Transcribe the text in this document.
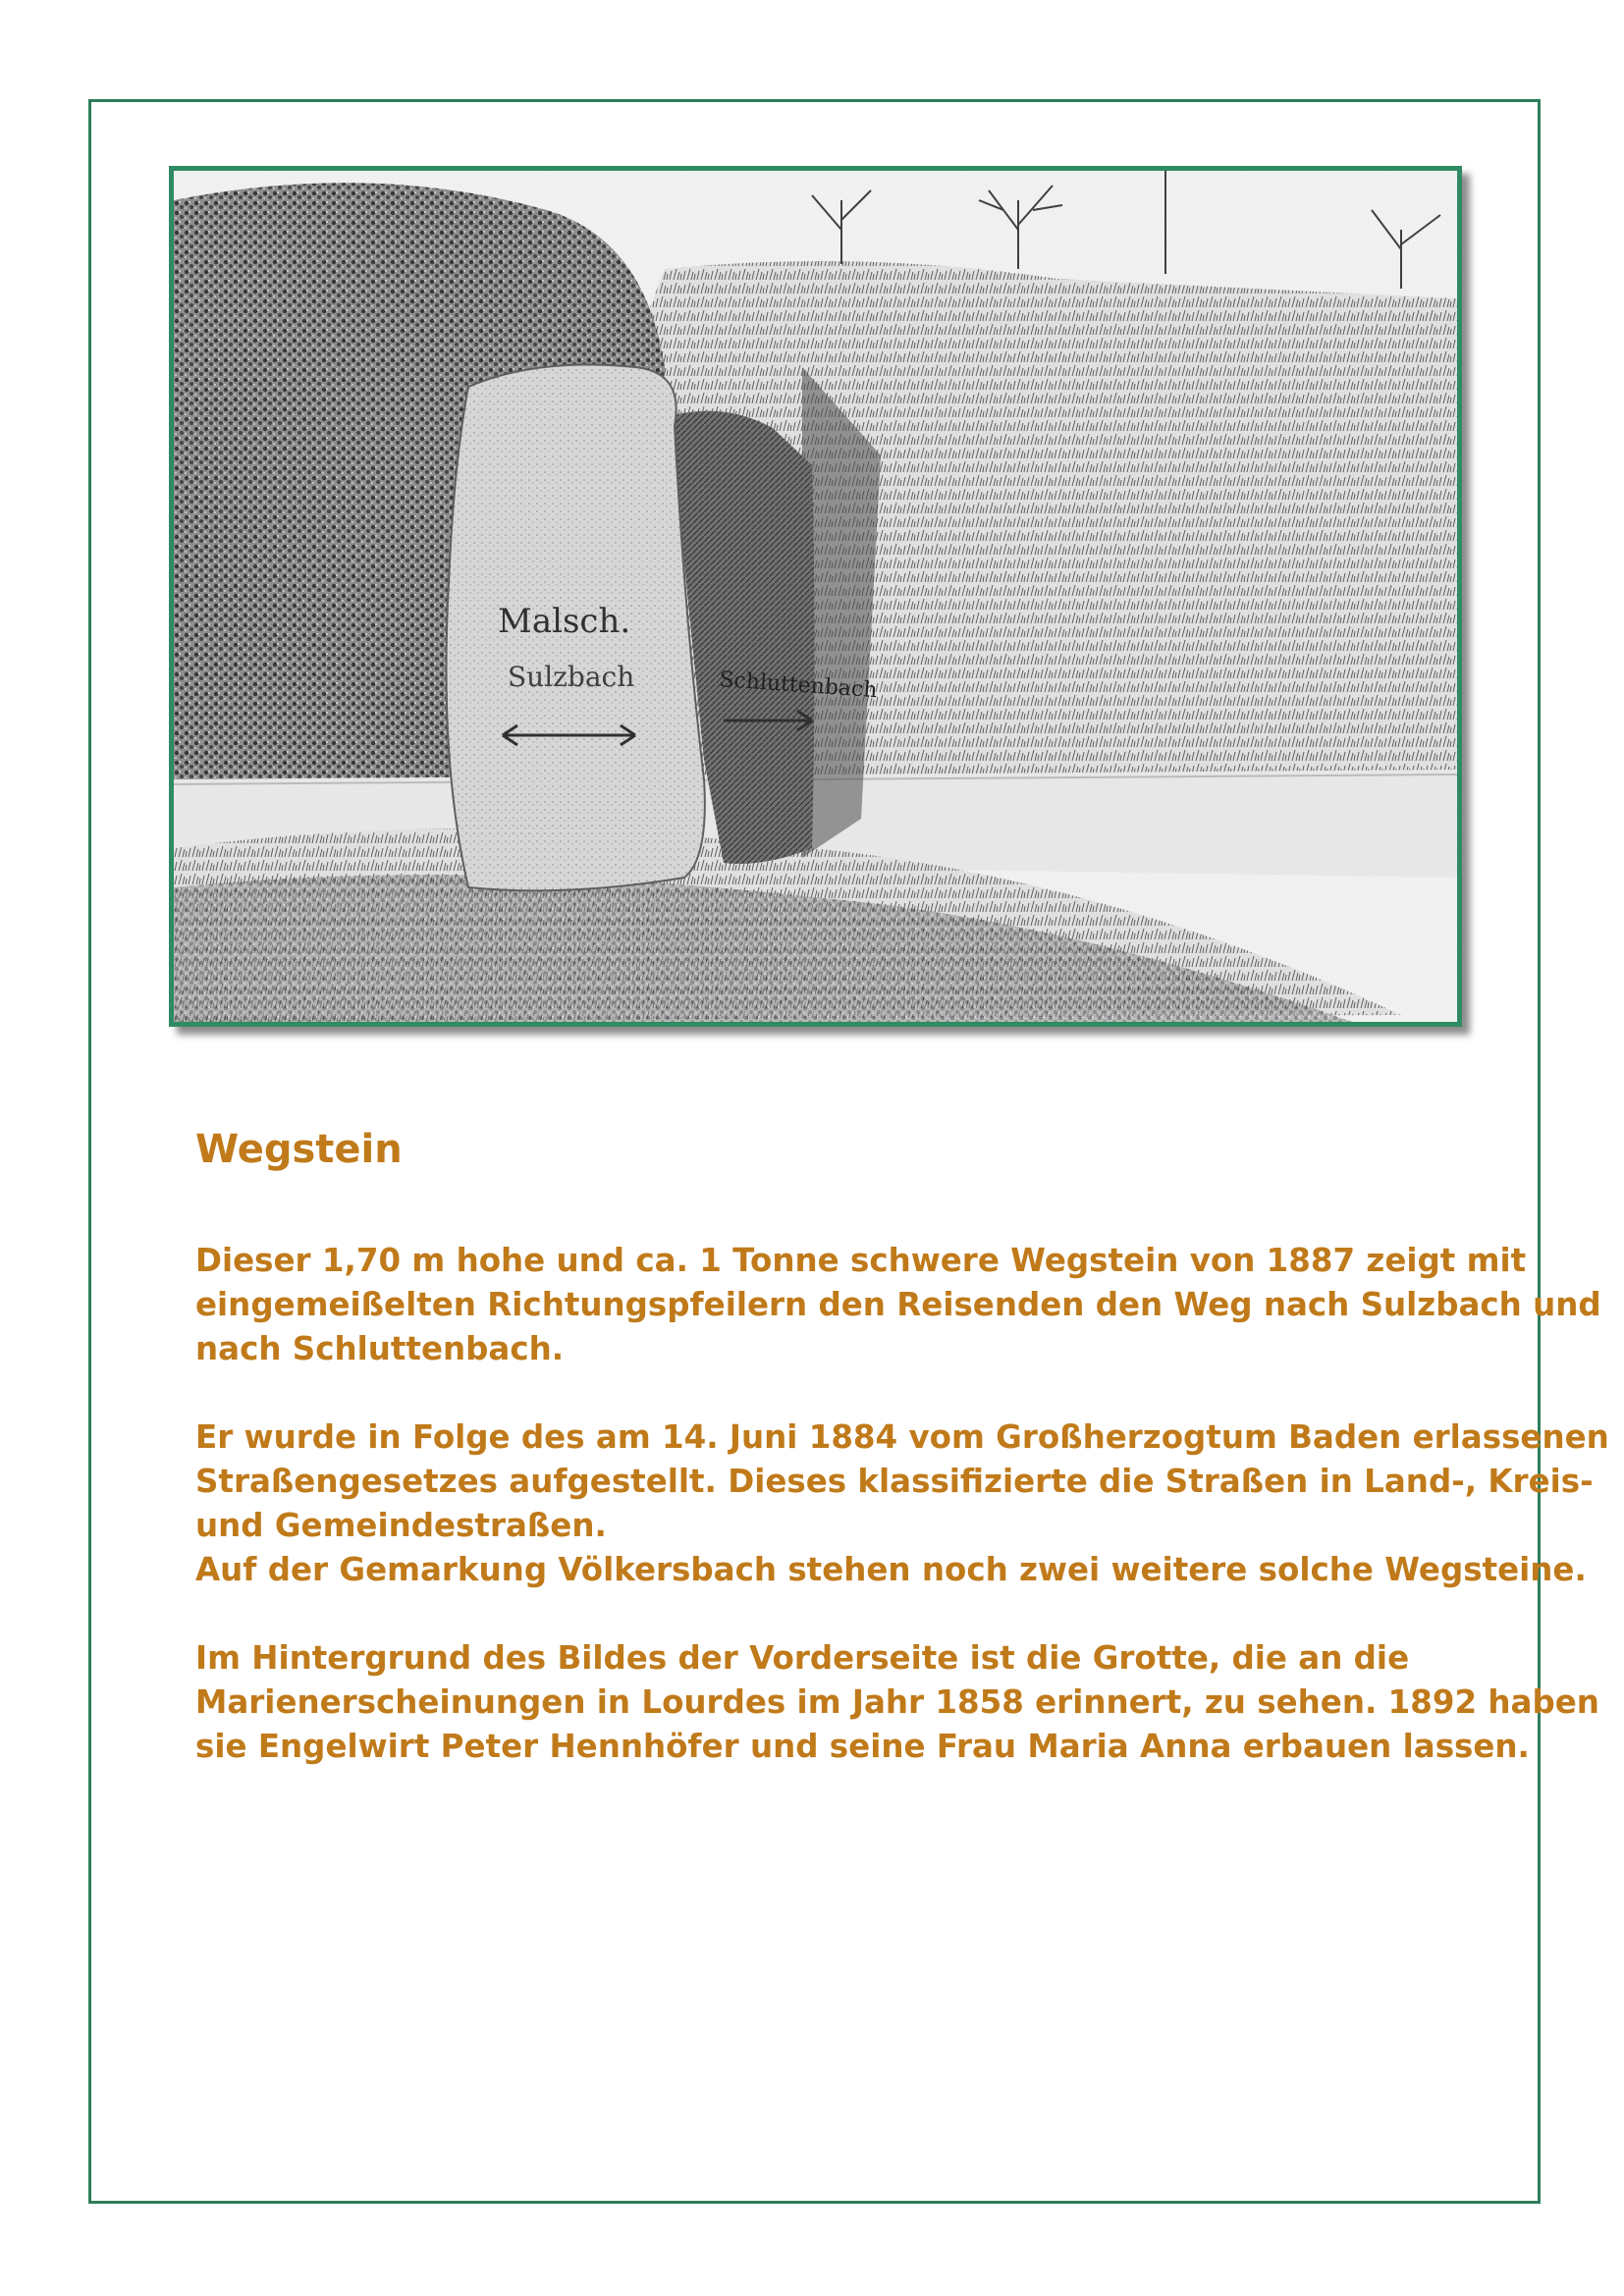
Malsch.
Sulzbach	Schluttenbach
Wegstein

Dieser 1,70 m hohe und ca. 1 Tonne schwere Wegstein von 1887 zeigt mit
eingemeißelten Richtungspfeilern den Reisenden den Weg nach Sulzbach und
nach Schluttenbach.

Er wurde in Folge des am 14. Juni 1884 vom Großherzogtum Baden erlassenen
Straßengesetzes aufgestellt. Dieses klassifizierte die Straßen in Land-, Kreis-
und Gemeindestraßen.
Auf der Gemarkung Völkersbach stehen noch zwei weitere solche Wegsteine.

Im Hintergrund des Bildes der Vorderseite ist die Grotte, die an die
Marienerscheinungen in Lourdes im Jahr 1858 erinnert, zu sehen. 1892 haben
sie Engelwirt Peter Hennhöfer und seine Frau Maria Anna erbauen lassen.
